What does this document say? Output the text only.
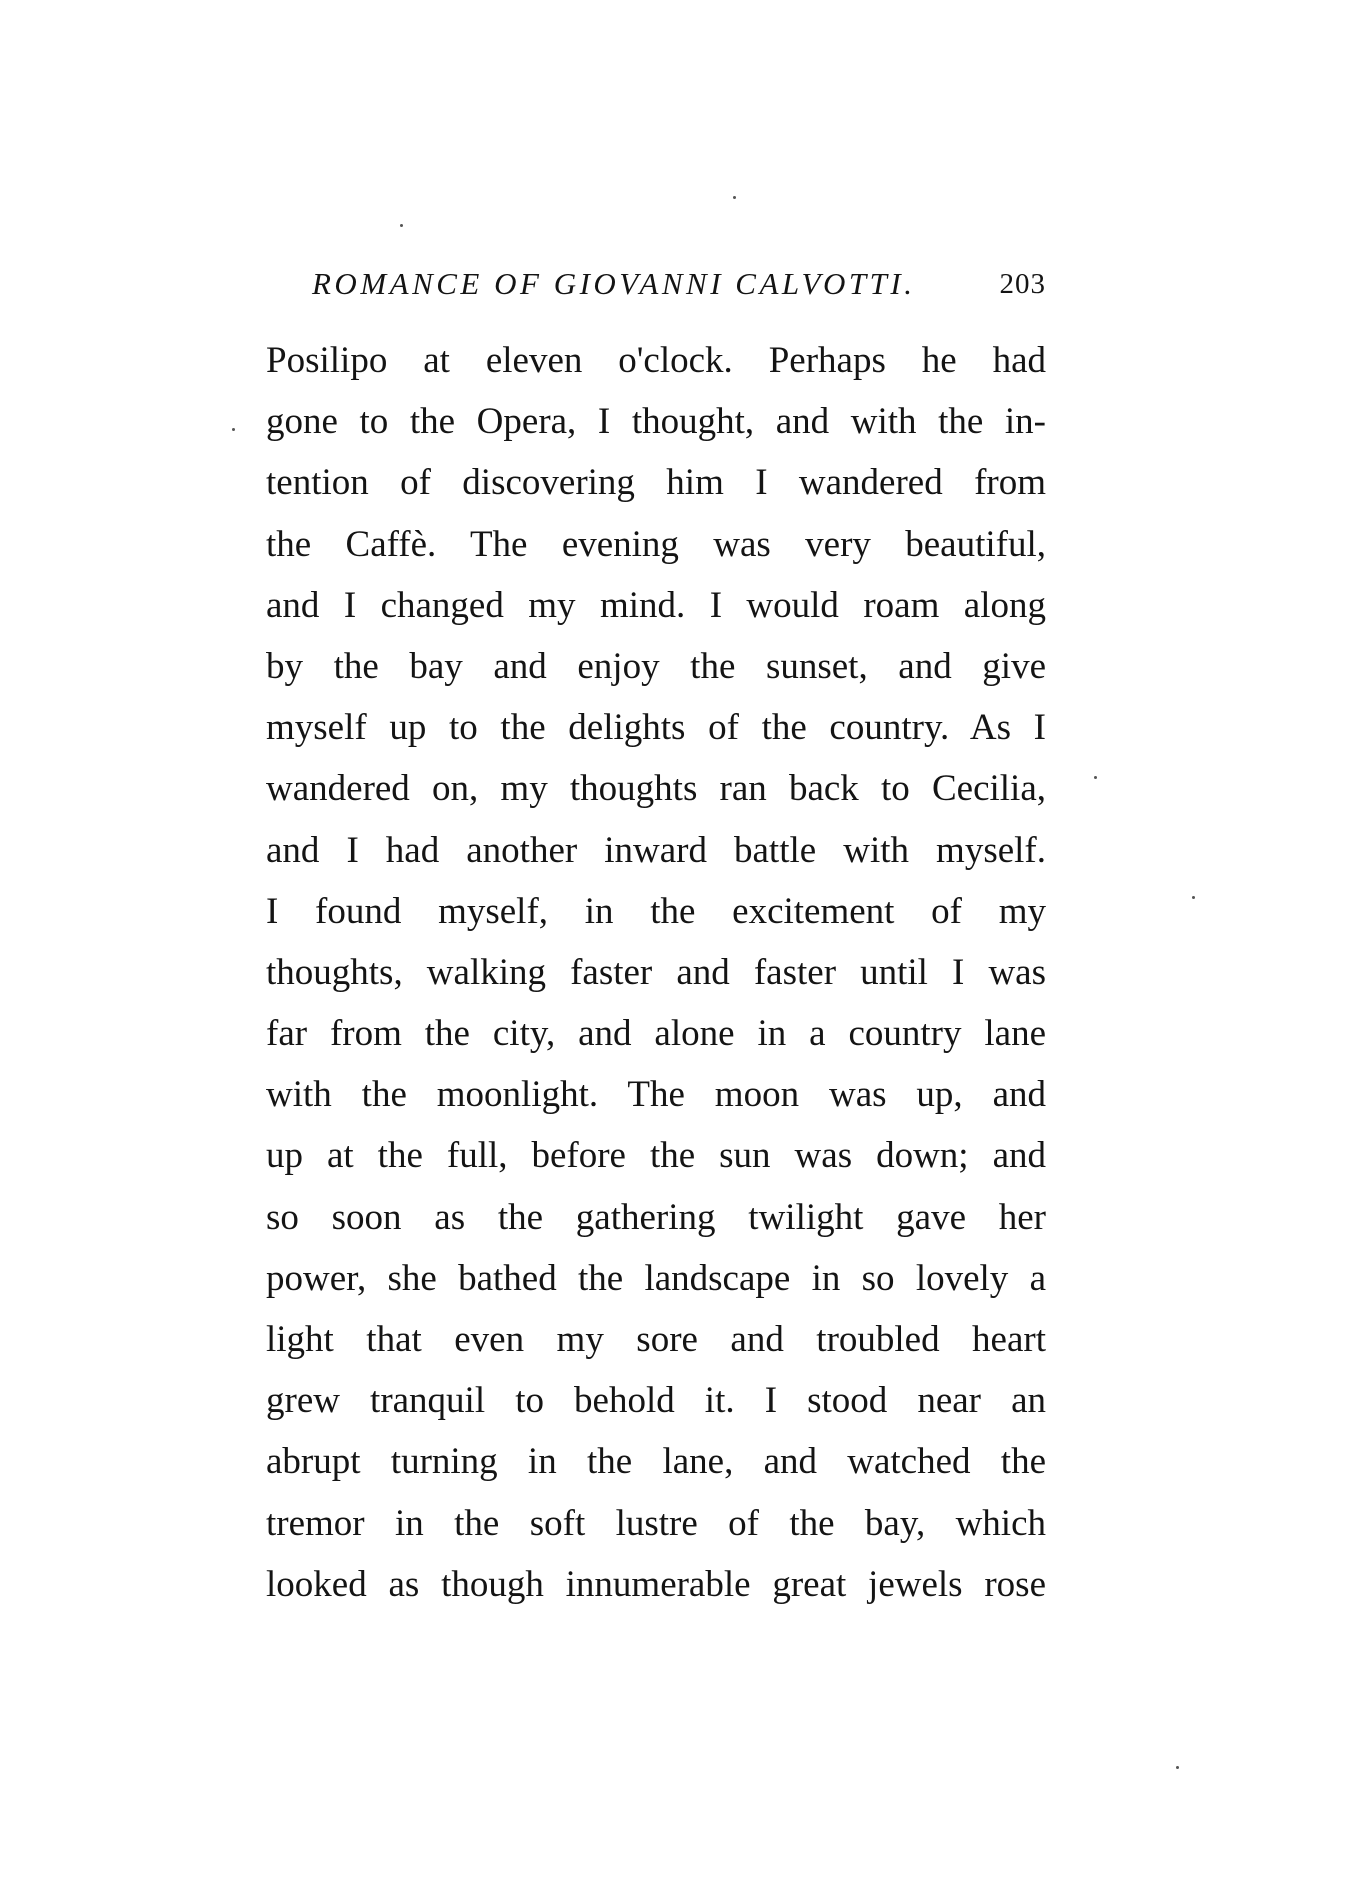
ROMANCE OF GIOVANNI CALVOTTI.	203
Posilipo at eleven o'clock. Perhaps he had
gone to the Opera, I thought, and with the in-
tention of discovering him I wandered from
the Caffè. The evening was very beautiful,
and I changed my mind. I would roam along
by the bay and enjoy the sunset, and give
myself up to the delights of the country. As I
wandered on, my thoughts ran back to Cecilia,
and I had another inward battle with myself.
I found myself, in the excitement of my
thoughts, walking faster and faster until I was
far from the city, and alone in a country lane
with the moonlight. The moon was up, and
up at the full, before the sun was down; and
so soon as the gathering twilight gave her
power, she bathed the landscape in so lovely a
light that even my sore and troubled heart
grew tranquil to behold it. I stood near an
abrupt turning in the lane, and watched the
tremor in the soft lustre of the bay, which
looked as though innumerable great jewels rose
